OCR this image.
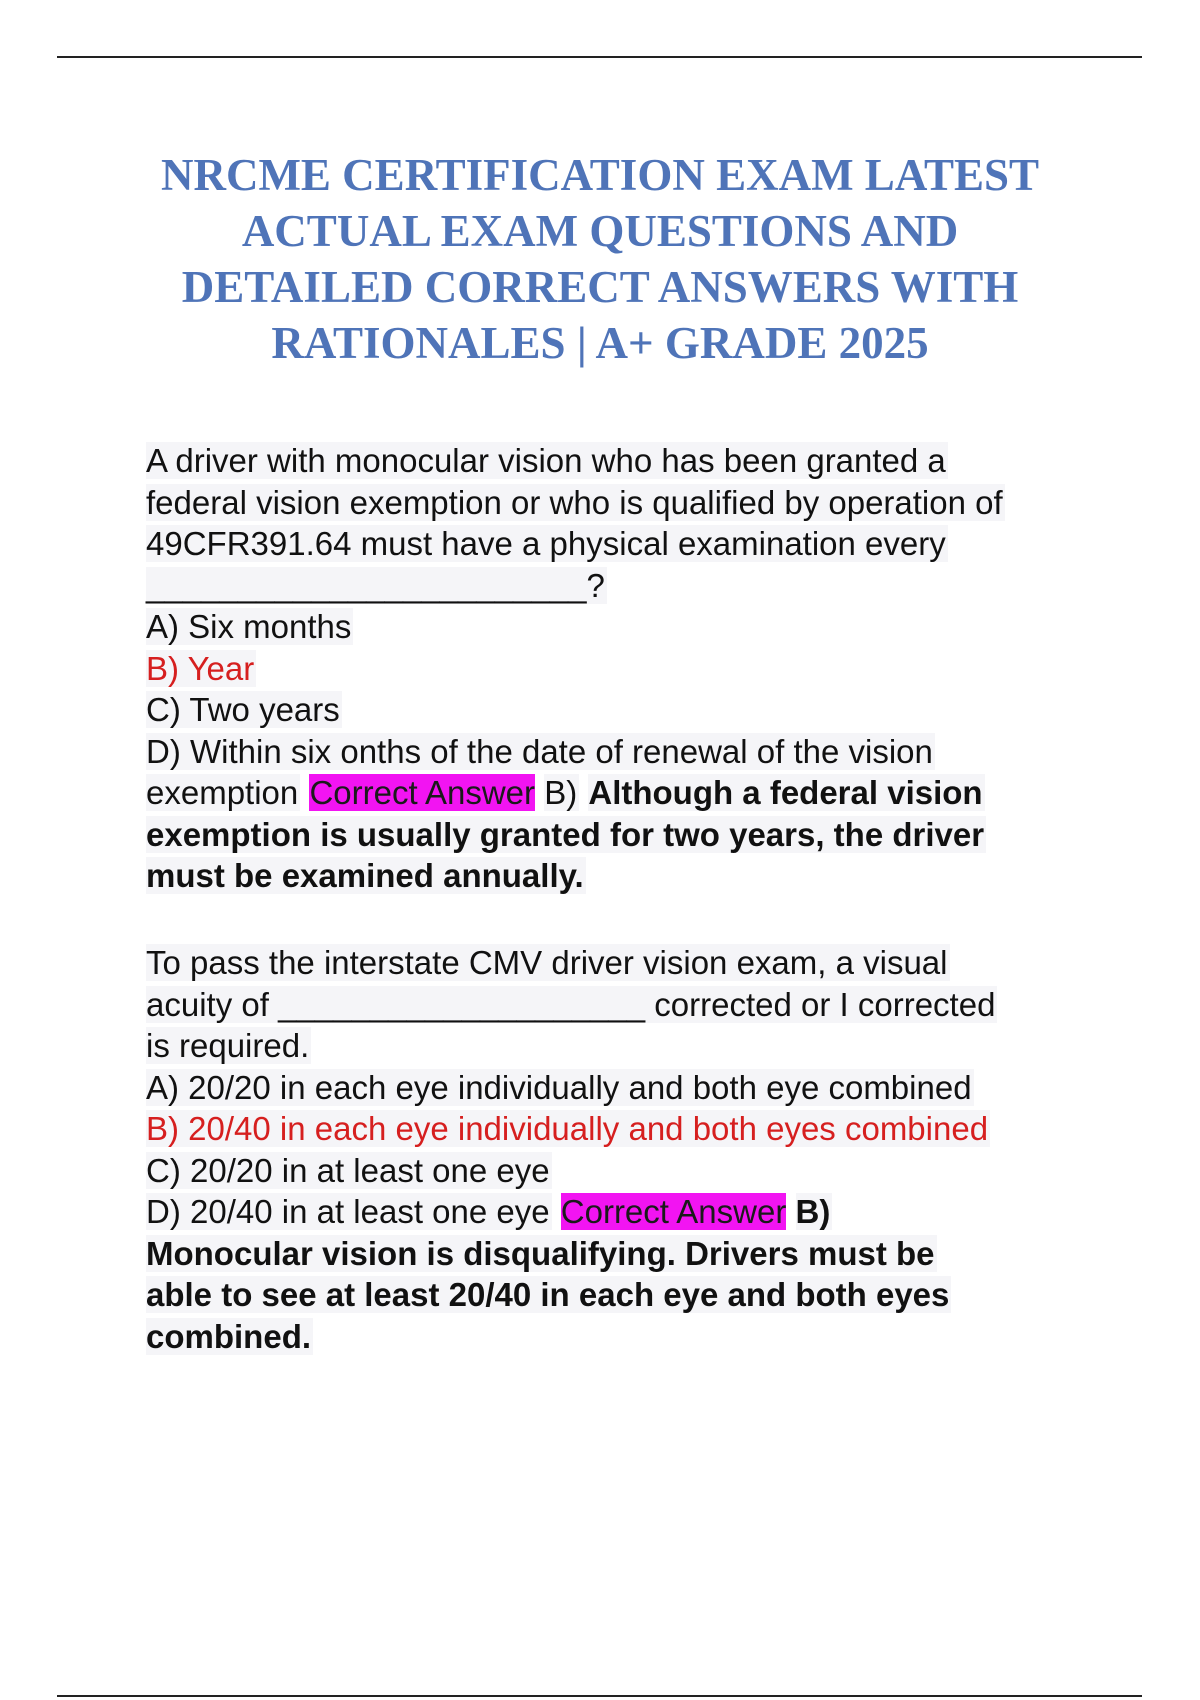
NRCME CERTIFICATION EXAM LATEST
ACTUAL EXAM QUESTIONS AND
DETAILED CORRECT ANSWERS WITH
RATIONALES | A+ GRADE 2025
A driver with monocular vision who has been granted a
federal vision exemption or who is qualified by operation of
49CFR391.64 must have a physical examination every
________________________?
A) Six months
B) Year
C) Two years
D) Within six onths of the date of renewal of the vision
exemption Correct Answer B) Although a federal vision
exemption is usually granted for two years, the driver
must be examined annually.
To pass the interstate CMV driver vision exam, a visual
acuity of ____________________ corrected or I corrected
is required.
A) 20/20 in each eye individually and both eye combined
B) 20/40 in each eye individually and both eyes combined
C) 20/20 in at least one eye
D) 20/40 in at least one eye Correct Answer B)
Monocular vision is disqualifying. Drivers must be
able to see at least 20/40 in each eye and both eyes
combined.
